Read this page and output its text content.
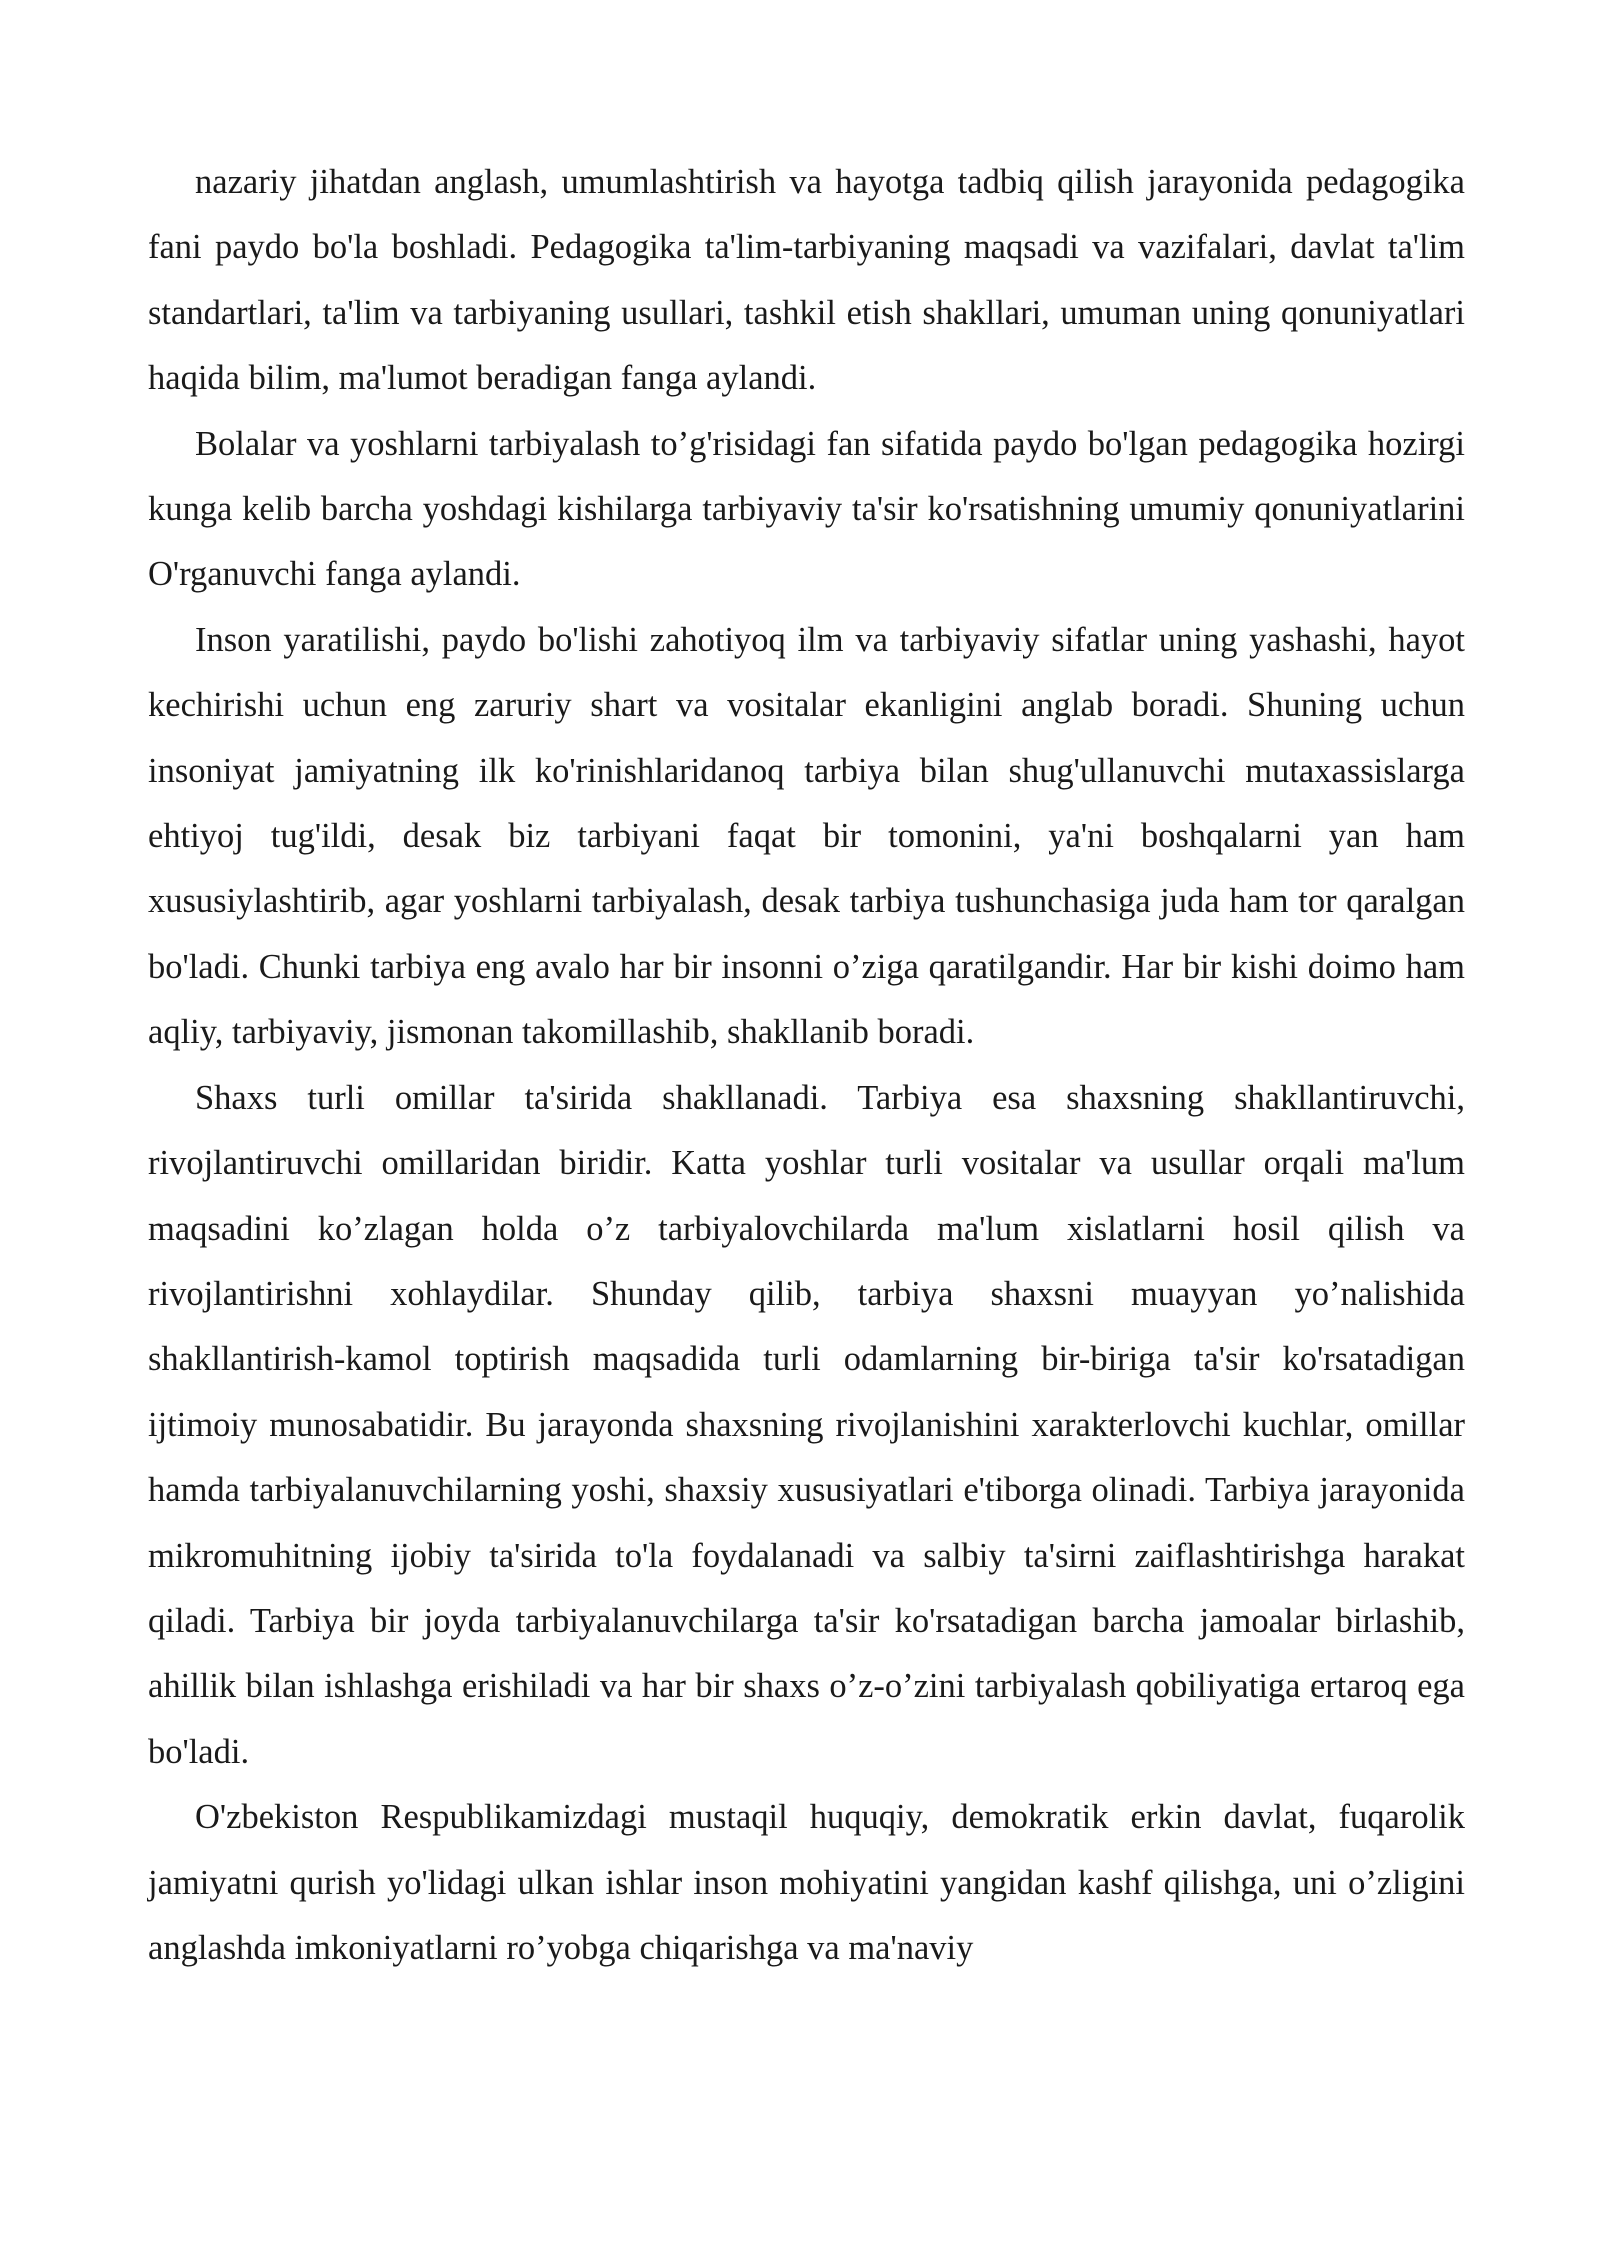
nazariy jihatdan anglash, umumlashtirish va hayotga tadbiq qilish jarayonida pedagogika fani paydo bo'la boshladi. Pedagogika ta'lim-tarbiyaning maqsadi va vazifalari, davlat ta'lim standartlari, ta'lim va tarbiyaning usullari, tashkil etish shakllari, umuman uning qonuniyatlari haqida bilim, ma'lumot beradigan fanga aylandi.

Bolalar va yoshlarni tarbiyalash to’g'risidagi fan sifatida paydo bo'lgan pedagogika hozirgi kunga kelib barcha yoshdagi kishilarga tarbiyaviy ta'sir ko'rsatishning umumiy qonuniyatlarini O'rganuvchi fanga aylandi.

Inson yaratilishi, paydo bo'lishi zahotiyoq ilm va tarbiyaviy sifatlar uning yashashi, hayot kechirishi uchun eng zaruriy shart va vositalar ekanligini anglab boradi. Shuning uchun insoniyat jamiyatning ilk ko'rinishlaridanoq tarbiya bilan shug'ullanuvchi mutaxassislarga ehtiyoj tug'ildi, desak biz tarbiyani faqat bir tomonini, ya'ni boshqalarni yan ham xususiylashtirib, agar yoshlarni tarbiyalash, desak tarbiya tushunchasiga juda ham tor qaralgan bo'ladi. Chunki tarbiya eng avalo har bir insonni o’ziga qaratilgandir. Har bir kishi doimo ham aqliy, tarbiyaviy, jismonan takomillashib, shakllanib boradi.

Shaxs turli omillar ta'sirida shakllanadi. Tarbiya esa shaxsning shakllantiruvchi, rivojlantiruvchi omillaridan biridir. Katta yoshlar turli vositalar va usullar orqali ma'lum maqsadini ko’zlagan holda o’z tarbiyalovchilarda ma'lum xislatlarni hosil qilish va rivojlantirishni xohlaydilar. Shunday qilib, tarbiya shaxsni muayyan yo’nalishida shakllantirish-kamol toptirish maqsadida turli odamlarning bir-biriga ta'sir ko'rsatadigan ijtimoiy munosabatidir. Bu jarayonda shaxsning rivojlanishini xarakterlovchi kuchlar, omillar hamda tarbiyalanuvchilarning yoshi, shaxsiy xususiyatlari e'tiborga olinadi. Tarbiya jarayonida mikromuhitning ijobiy ta'sirida to'la foydalanadi va salbiy ta'sirni zaiflashtirishga harakat qiladi. Tarbiya bir joyda tarbiyalanuvchilarga ta'sir ko'rsatadigan barcha jamoalar birlashib, ahillik bilan ishlashga erishiladi va har bir shaxs o’z-o’zini tarbiyalash qobiliyatiga ertaroq ega bo'ladi.

O'zbekiston Respublikamizdagi mustaqil huquqiy, demokratik erkin davlat, fuqarolik jamiyatni qurish yo'lidagi ulkan ishlar inson mohiyatini yangidan kashf qilishga, uni o’zligini anglashda imkoniyatlarni ro’yobga chiqarishga va ma'naviy
